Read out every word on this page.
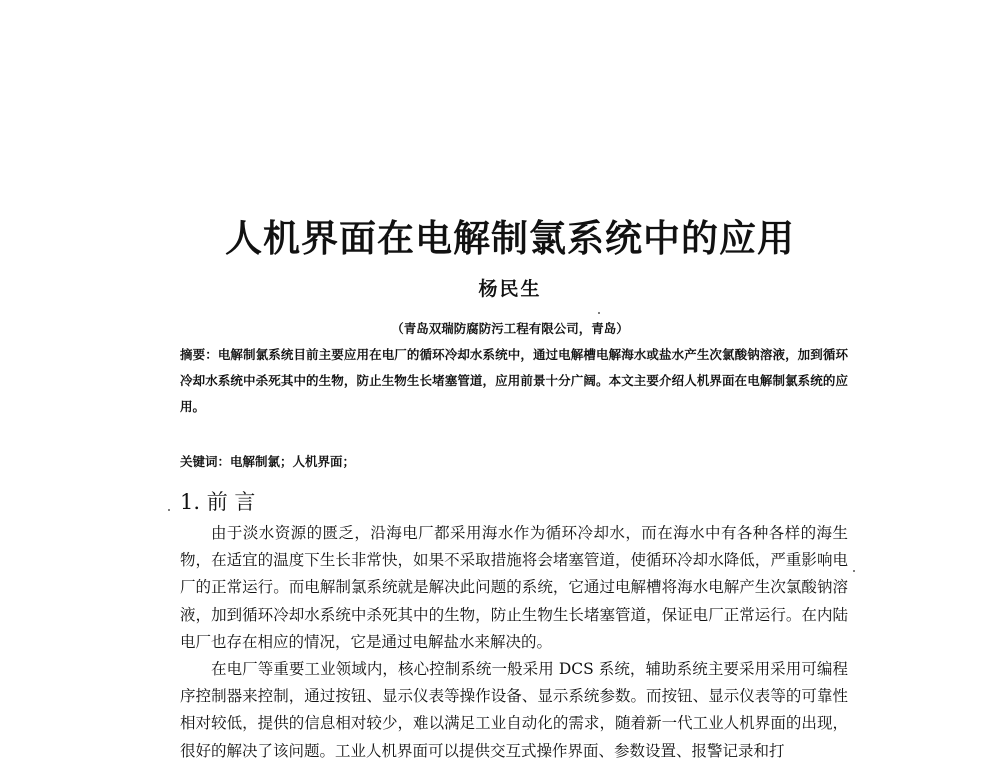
人机界面在电解制氯系统中的应用
杨民生
（青岛双瑞防腐防污工程有限公司，青岛）

摘要：电解制氯系统目前主要应用在电厂的循环冷却水系统中，通过电解槽电解海水或盐水产生次氯酸钠溶液，加到循环冷却水系统中杀死其中的生物，防止生物生长堵塞管道，应用前景十分广阔。本文主要介绍人机界面在电解制氯系统的应用。

关键词：电解制氯；人机界面；

1. 前 言

由于淡水资源的匮乏，沿海电厂都采用海水作为循环冷却水，而在海水中有各种各样的海生物，在适宜的温度下生长非常快，如果不采取措施将会堵塞管道，使循环冷却水降低，严重影响电厂的正常运行。而电解制氯系统就是解决此问题的系统，它通过电解槽将海水电解产生次氯酸钠溶液，加到循环冷却水系统中杀死其中的生物，防止生物生长堵塞管道，保证电厂正常运行。在内陆电厂也存在相应的情况，它是通过电解盐水来解决的。

在电厂等重要工业领域内，核心控制系统一般采用 DCS 系统，辅助系统主要采用采用可编程序控制器来控制，通过按钮、显示仪表等操作设备、显示系统参数。而按钮、显示仪表等的可靠性相对较低，提供的信息相对较少，难以满足工业自动化的需求，随着新一代工业人机界面的出现，很好的解决了该问题。工业人机界面可以提供交互式操作界面、参数设置、报警记录和打
